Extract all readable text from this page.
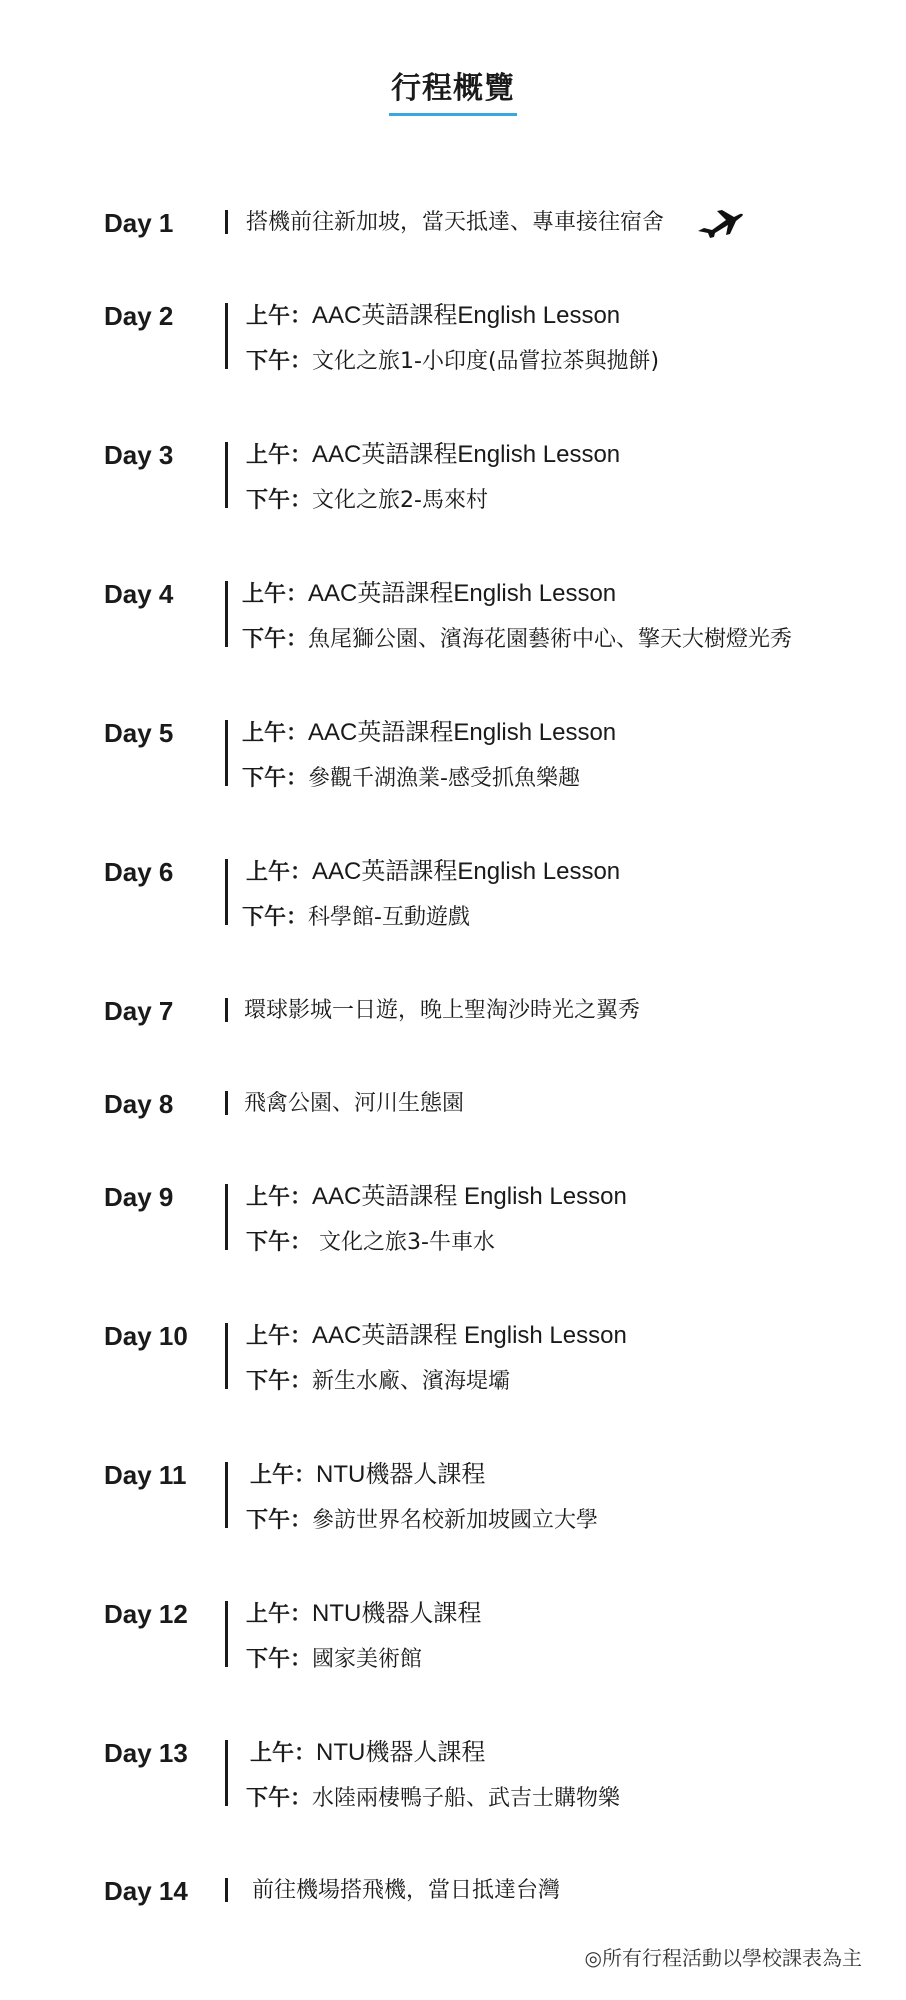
行程概覽
Day 1	搭機前往新加坡，當天抵達、專車接往宿舍
Day 2	上午：AAC英語課程English Lesson
下午：文化之旅1-小印度(品嘗拉茶與拋餅)
Day 3	上午：AAC英語課程English Lesson
下午：文化之旅2-馬來村
Day 4	上午：AAC英語課程English Lesson
下午：魚尾獅公園、濱海花園藝術中心、擎天大樹燈光秀
Day 5	上午：AAC英語課程English Lesson
下午：參觀千湖漁業-感受抓魚樂趣
Day 6	上午：AAC英語課程English Lesson
下午：科學館-互動遊戲
Day 7	環球影城一日遊，晚上聖淘沙時光之翼秀
Day 8	飛禽公園、河川生態園
Day 9	上午：AAC英語課程 English Lesson
下午： 文化之旅3-牛車水
Day 10	上午：AAC英語課程 English Lesson
下午：新生水廠、濱海堤壩
Day 11	上午：NTU機器人課程
下午：參訪世界名校新加坡國立大學
Day 12	上午：NTU機器人課程
下午：國家美術館
Day 13	上午：NTU機器人課程
下午：水陸兩棲鴨子船、武吉士購物樂
Day 14	前往機場搭飛機，當日抵達台灣
◎所有行程活動以學校課表為主
